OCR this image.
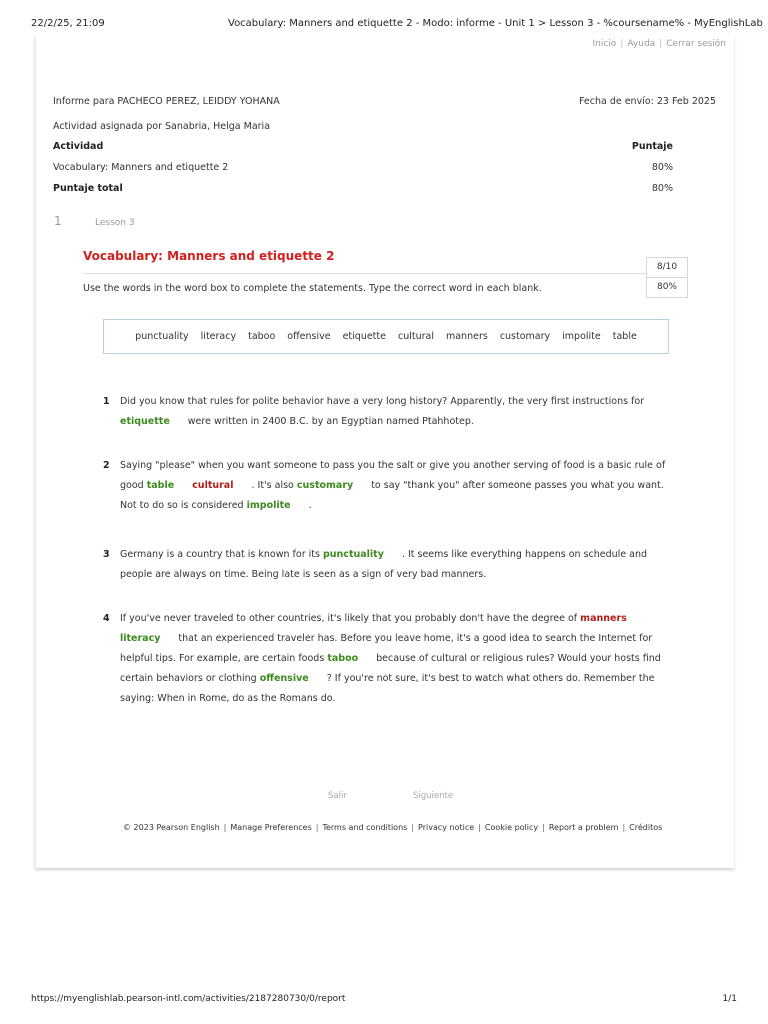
22/2/25, 21:09	Vocabulary: Manners and etiquette 2 - Modo: informe - Unit 1 > Lesson 3 - %coursename% - MyEnglishLab
Inicio | Ayuda | Cerrar sesión
Informe para PACHECO PEREZ, LEIDDY YOHANA	Fecha de envío: 23 Feb 2025
Actividad asignada por Sanabria, Helga Maria
Actividad	Puntaje
Vocabulary: Manners and etiquette 2	80%
Puntaje total	80%
1	Lesson 3
Vocabulary: Manners and etiquette 2
8/10
80%
Use the words in the word box to complete the statements. Type the correct word in each blank.
punctuality literacy taboo offensive etiquette cultural manners customary impolite table
1 Did you know that rules for polite behavior have a very long history? Apparently, the very first instructions for
etiquette were written in 2400 B.C. by an Egyptian named Ptahhotep.
2 Saying "please" when you want someone to pass you the salt or give you another serving of food is a basic rule of good table cultural . It's also customary to say "thank you" after someone passes you what you want. Not to do so is considered impolite .
3 Germany is a country that is known for its punctuality . It seems like everything happens on schedule and people are always on time. Being late is seen as a sign of very bad manners.
4 If you've never traveled to other countries, it's likely that you probably don't have the degree of manners
literacy that an experienced traveler has. Before you leave home, it's a good idea to search the Internet for helpful tips. For example, are certain foods taboo because of cultural or religious rules? Would your hosts find certain behaviors or clothing offensive ? If you're not sure, it's best to watch what others do. Remember the saying: When in Rome, do as the Romans do.
Salir	Siguiente
© 2023 Pearson English | Manage Preferences | Terms and conditions | Privacy notice | Cookie policy | Report a problem | Créditos
https://myenglishlab.pearson-intl.com/activities/2187280730/0/report	1/1
